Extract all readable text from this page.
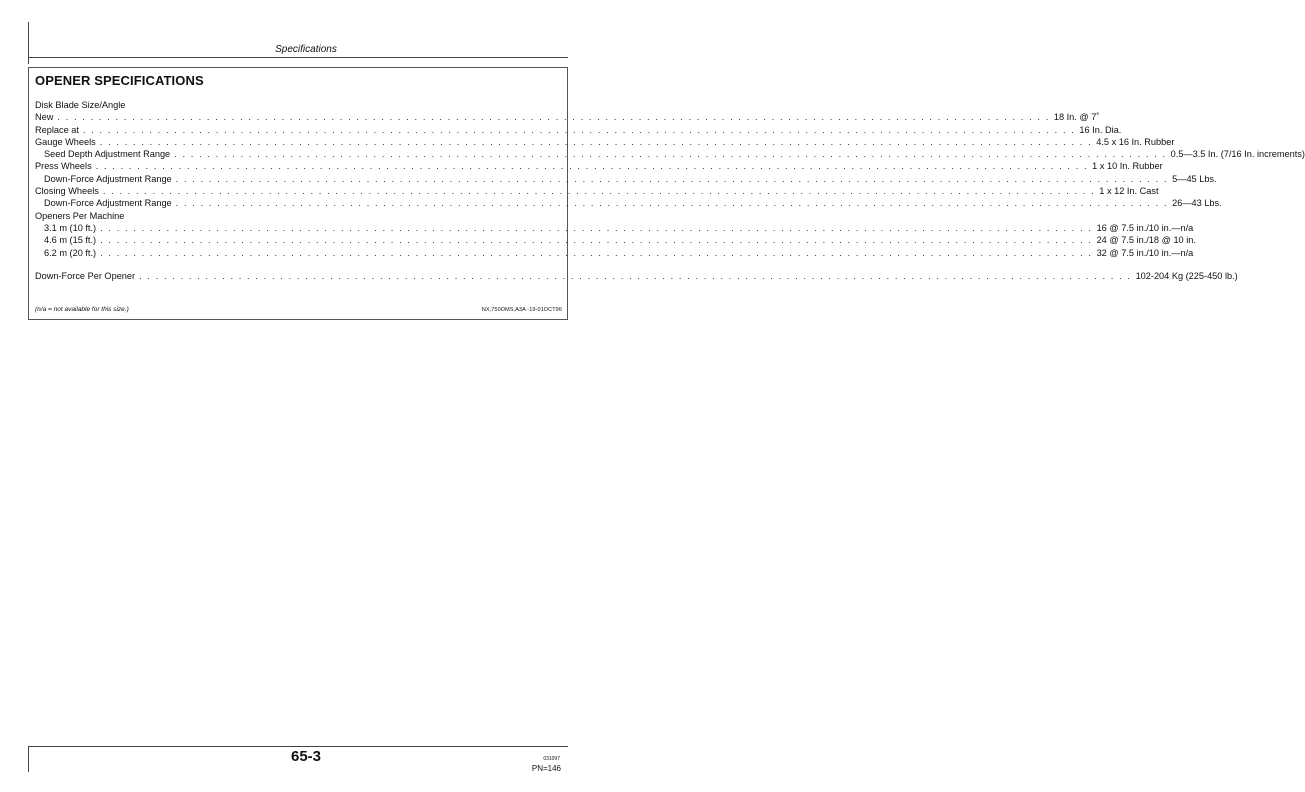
Specifications
OPENER SPECIFICATIONS
Disk Blade Size/Angle
New . . . . . . . . . . . . . . . . . . . . . . . . . . . . . . . . . . . . . . . . . . . . . . . . . . . . . . . . . . . . . . . . . . . . . . . . . . . . . . . . . . . . . . . . . . . . . . . . . . . . . . . . . . . . . . . . . . . . . . . . 18 In. @ 7˚
Replace at . . . . . . . . . . . . . . . . . . . . . . . . . . . . . . . . . . . . . . . . . . . . . . . . . . . . . . . . . . . . . . . . . . . . . . . . . . . . . . . . . . . . . . . . . . . . . . . . . . . . . . . . . . . . . . . . . . . . . . . . 16 In. Dia.
Gauge Wheels . . . . . . . . . . . . . . . . . . . . . . . . . . . . . . . . . . . . . . . . . . . . . . . . . . . . . . . . . . . . . . . . . . . . . . . . . . . . . . . . . . . . . . . . . . . . . . . . . . . . . . . . . . . . . . . . . . . . . . . . 4.5 x 16 In. Rubber
Seed Depth Adjustment Range . . . . . . . . . . . . . . . . . . . . . . . . . . . . . . . . . . . . . . . . . . . . . . . . . . . . . . . . . . . . . . . . . . . . . . . . . . . . . . . . . . . . . . . . . . . . . . . . . . . . . . . . . . . . . . . . . . . . . . . . 0.5—3.5 In. (7/16 In. increments)
Press Wheels . . . . . . . . . . . . . . . . . . . . . . . . . . . . . . . . . . . . . . . . . . . . . . . . . . . . . . . . . . . . . . . . . . . . . . . . . . . . . . . . . . . . . . . . . . . . . . . . . . . . . . . . . . . . . . . . . . . . . . . . 1 x 10 In. Rubber
Down-Force Adjustment Range . . . . . . . . . . . . . . . . . . . . . . . . . . . . . . . . . . . . . . . . . . . . . . . . . . . . . . . . . . . . . . . . . . . . . . . . . . . . . . . . . . . . . . . . . . . . . . . . . . . . . . . . . . . . . . . . . . . . . . . . 5—45 Lbs.
Closing Wheels . . . . . . . . . . . . . . . . . . . . . . . . . . . . . . . . . . . . . . . . . . . . . . . . . . . . . . . . . . . . . . . . . . . . . . . . . . . . . . . . . . . . . . . . . . . . . . . . . . . . . . . . . . . . . . . . . . . . . . . . 1 x 12 In. Cast
Down-Force Adjustment Range . . . . . . . . . . . . . . . . . . . . . . . . . . . . . . . . . . . . . . . . . . . . . . . . . . . . . . . . . . . . . . . . . . . . . . . . . . . . . . . . . . . . . . . . . . . . . . . . . . . . . . . . . . . . . . . . . . . . . . . . 26—43 Lbs.
Openers Per Machine
3.1 m (10 ft.) . . . . . . . . . . . . . . . . . . . . . . . . . . . . . . . . . . . . . . . . . . . . . . . . . . . . . . . . . . . . . . . . . . . . . . . . . . . . . . . . . . . . . . . . . . . . . . . . . . . . . . . . . . . . . . . . . . . . . . . . 16 @ 7.5 in./10 in.—n/a
4.6 m (15 ft.) . . . . . . . . . . . . . . . . . . . . . . . . . . . . . . . . . . . . . . . . . . . . . . . . . . . . . . . . . . . . . . . . . . . . . . . . . . . . . . . . . . . . . . . . . . . . . . . . . . . . . . . . . . . . . . . . . . . . . . . . 24 @ 7.5 in./18 @ 10 in.
6.2 m (20 ft.) . . . . . . . . . . . . . . . . . . . . . . . . . . . . . . . . . . . . . . . . . . . . . . . . . . . . . . . . . . . . . . . . . . . . . . . . . . . . . . . . . . . . . . . . . . . . . . . . . . . . . . . . . . . . . . . . . . . . . . . . 32 @ 7.5 in./10 in.—n/a
Down-Force Per Opener . . . . . . . . . . . . . . . . . . . . . . . . . . . . . . . . . . . . . . . . . . . . . . . . . . . . . . . . . . . . . . . . . . . . . . . . . . . . . . . . . . . . . . . . . . . . . . . . . . . . . . . . . . . . . . . . . . . . . . . . 102-204 Kg (225-450 lb.)
(n/a = not available for this size.)	NX,750OMS,A3A -19-01OCT96
65-3	031097
PN=146
